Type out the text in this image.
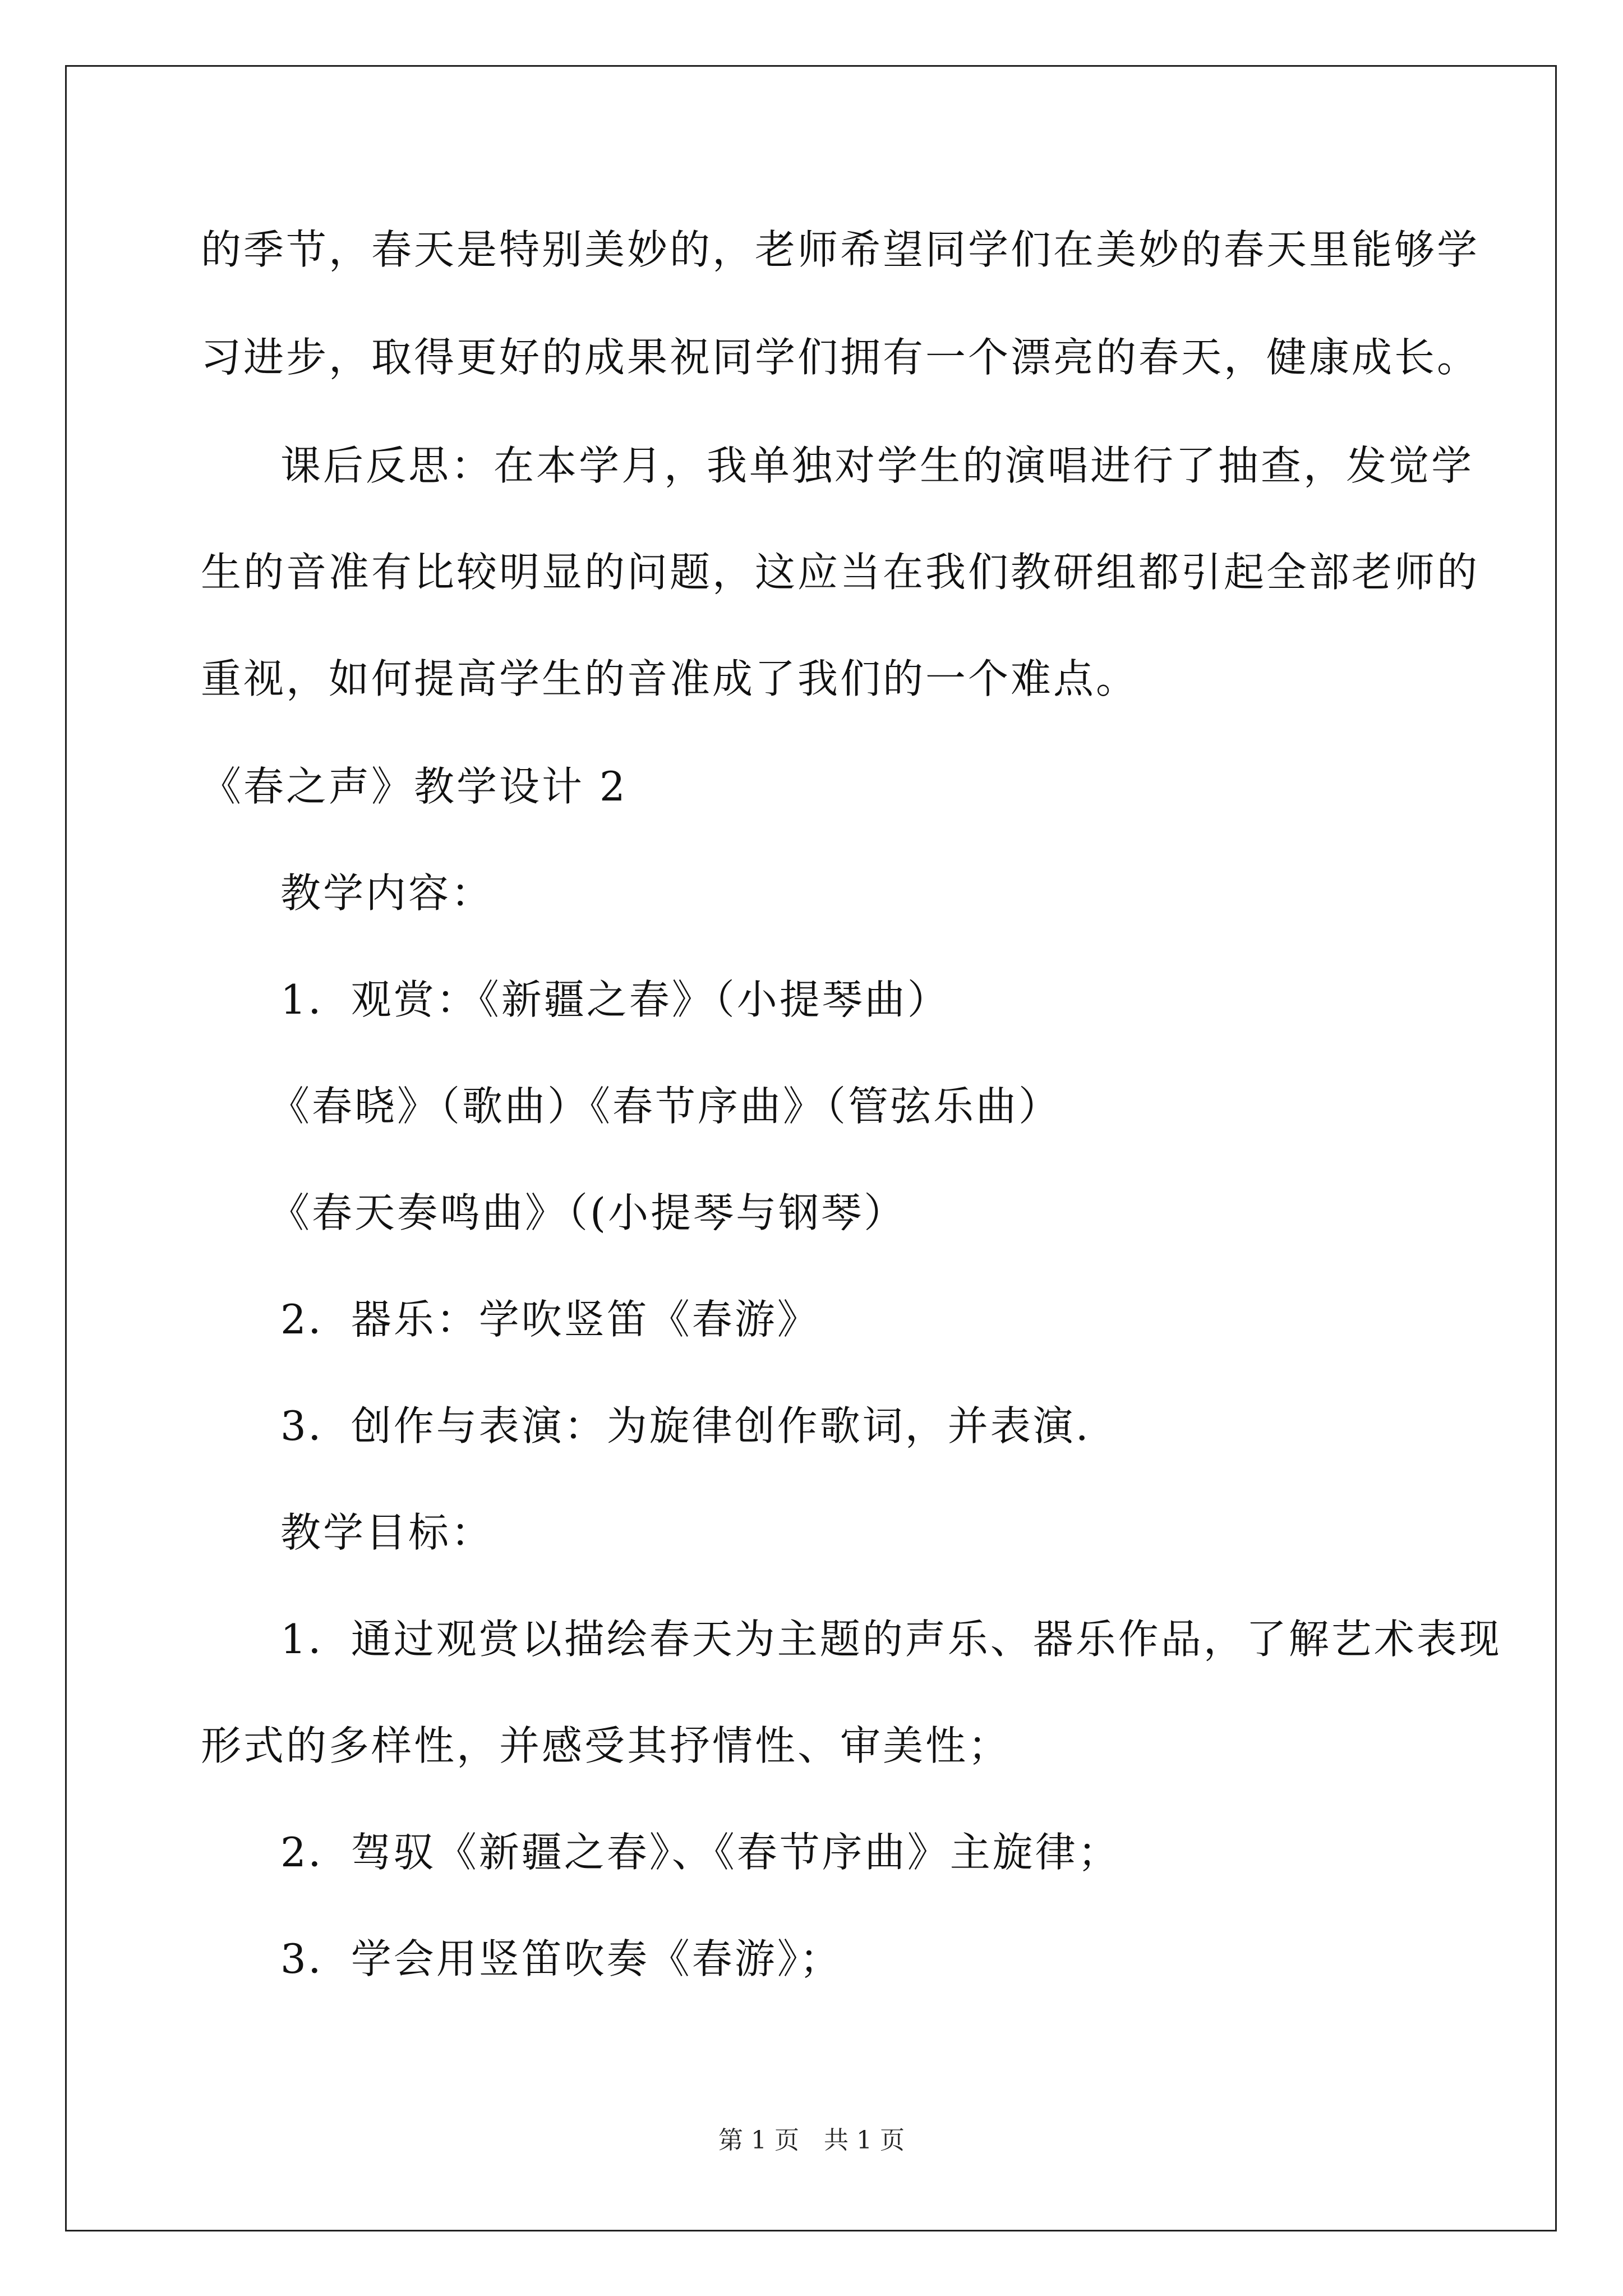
的季节，春天是特别美妙的，老师希望同学们在美妙的春天里能够学
习进步，取得更好的成果祝同学们拥有一个漂亮的春天，健康成长。
课后反思：在本学月，我单独对学生的演唱进行了抽查，发觉学
生的音准有比较明显的问题，这应当在我们教研组都引起全部老师的
重视，如何提高学生的音准成了我们的一个难点。
《春之声》教学设计 2
教学内容：
1．观赏：《新疆之春》（小提琴曲）
《春晓》（歌曲）《春节序曲》（管弦乐曲）
《春天奏鸣曲》（(小提琴与钢琴）
2．器乐：学吹竖笛《春游》
3．创作与表演：为旋律创作歌词，并表演.
教学目标：
1．通过观赏以描绘春天为主题的声乐、器乐作品，了解艺术表现
形式的多样性，并感受其抒情性、审美性；
2．驾驭《新疆之春》、《春节序曲》主旋律；
3．学会用竖笛吹奏《春游》；
第 1 页　共 1 页
